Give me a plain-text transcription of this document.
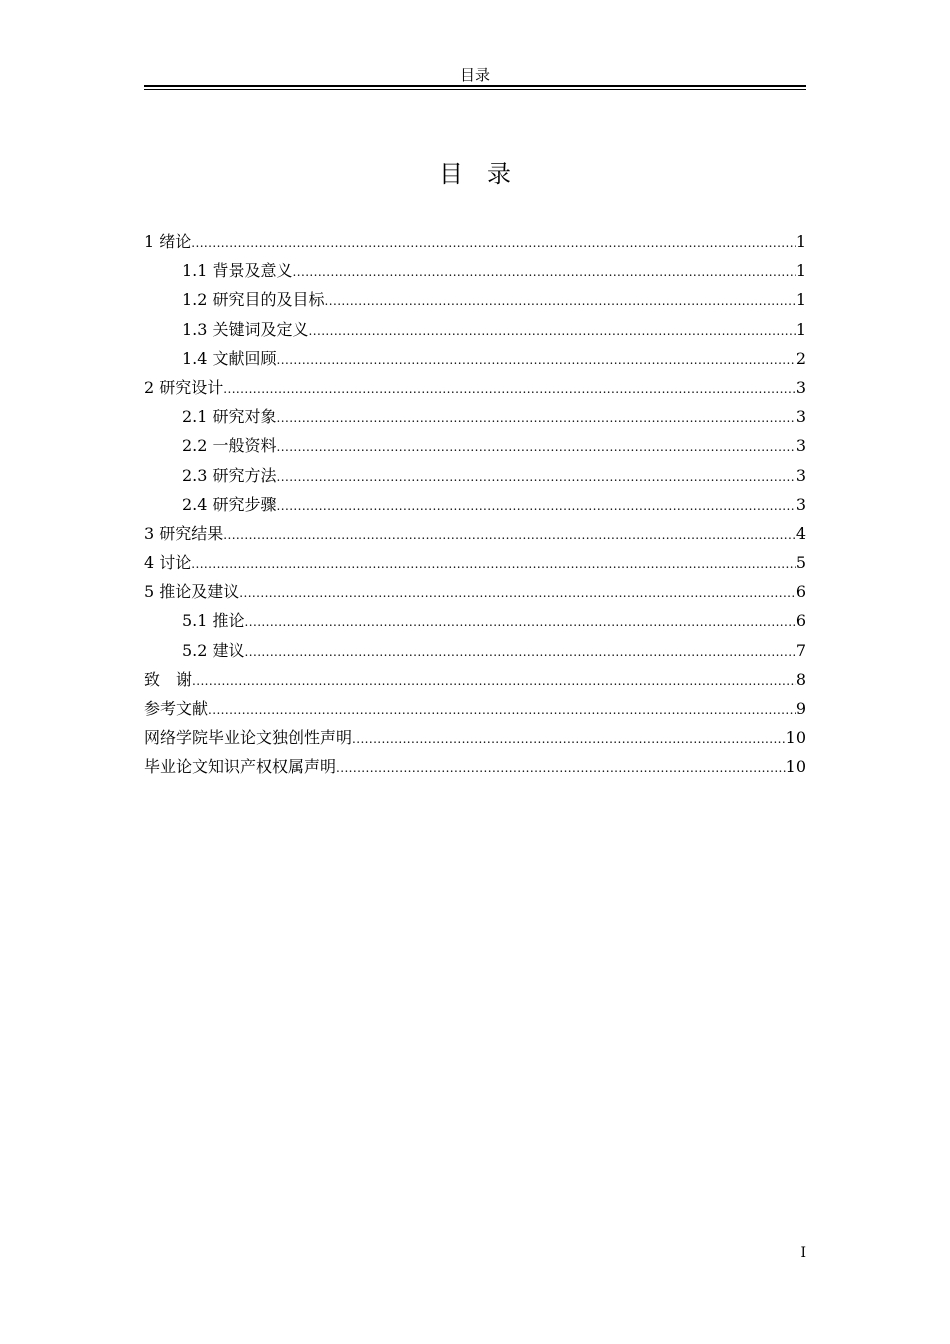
目录
目　录
1 绪论 .....	1
1.1 背景及意义 .....	1
1.2 研究目的及目标 .....	1
1.3 关键词及定义 .....	1
1.4 文献回顾 .....	2
2 研究设计 .....	3
2.1 研究对象 .....	3
2.2 一般资料 .....	3
2.3 研究方法 .....	3
2.4 研究步骤 .....	3
3 研究结果 .....	4
4 讨论 .....	5
5 推论及建议 .....	6
5.1 推论 .....	6
5.2 建议 .....	7
致　谢 .....	8
参考文献 .....	9
网络学院毕业论文独创性声明 .....	10
毕业论文知识产权权属声明 .....	10
I
